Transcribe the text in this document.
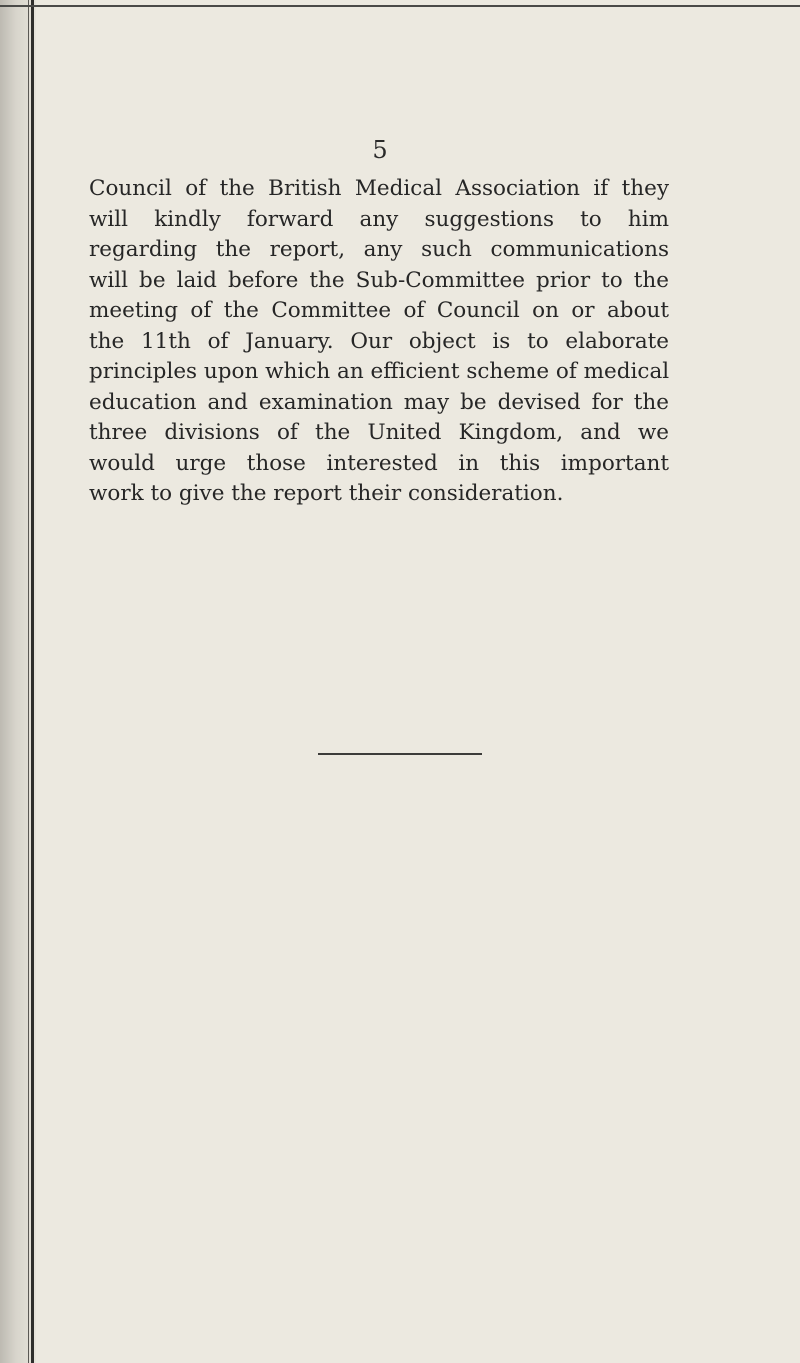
5

Council of the British Medical Association if they
will kindly forward any suggestions to him
regarding the report, any such communications
will be laid before the Sub-Committee prior to the
meeting of the Committee of Council on or about
the 11th of January. Our object is to elaborate
principles upon which an efficient scheme of medical
education and examination may be devised for the
three divisions of the United Kingdom, and we
would urge those interested in this important
work to give the report their consideration.
